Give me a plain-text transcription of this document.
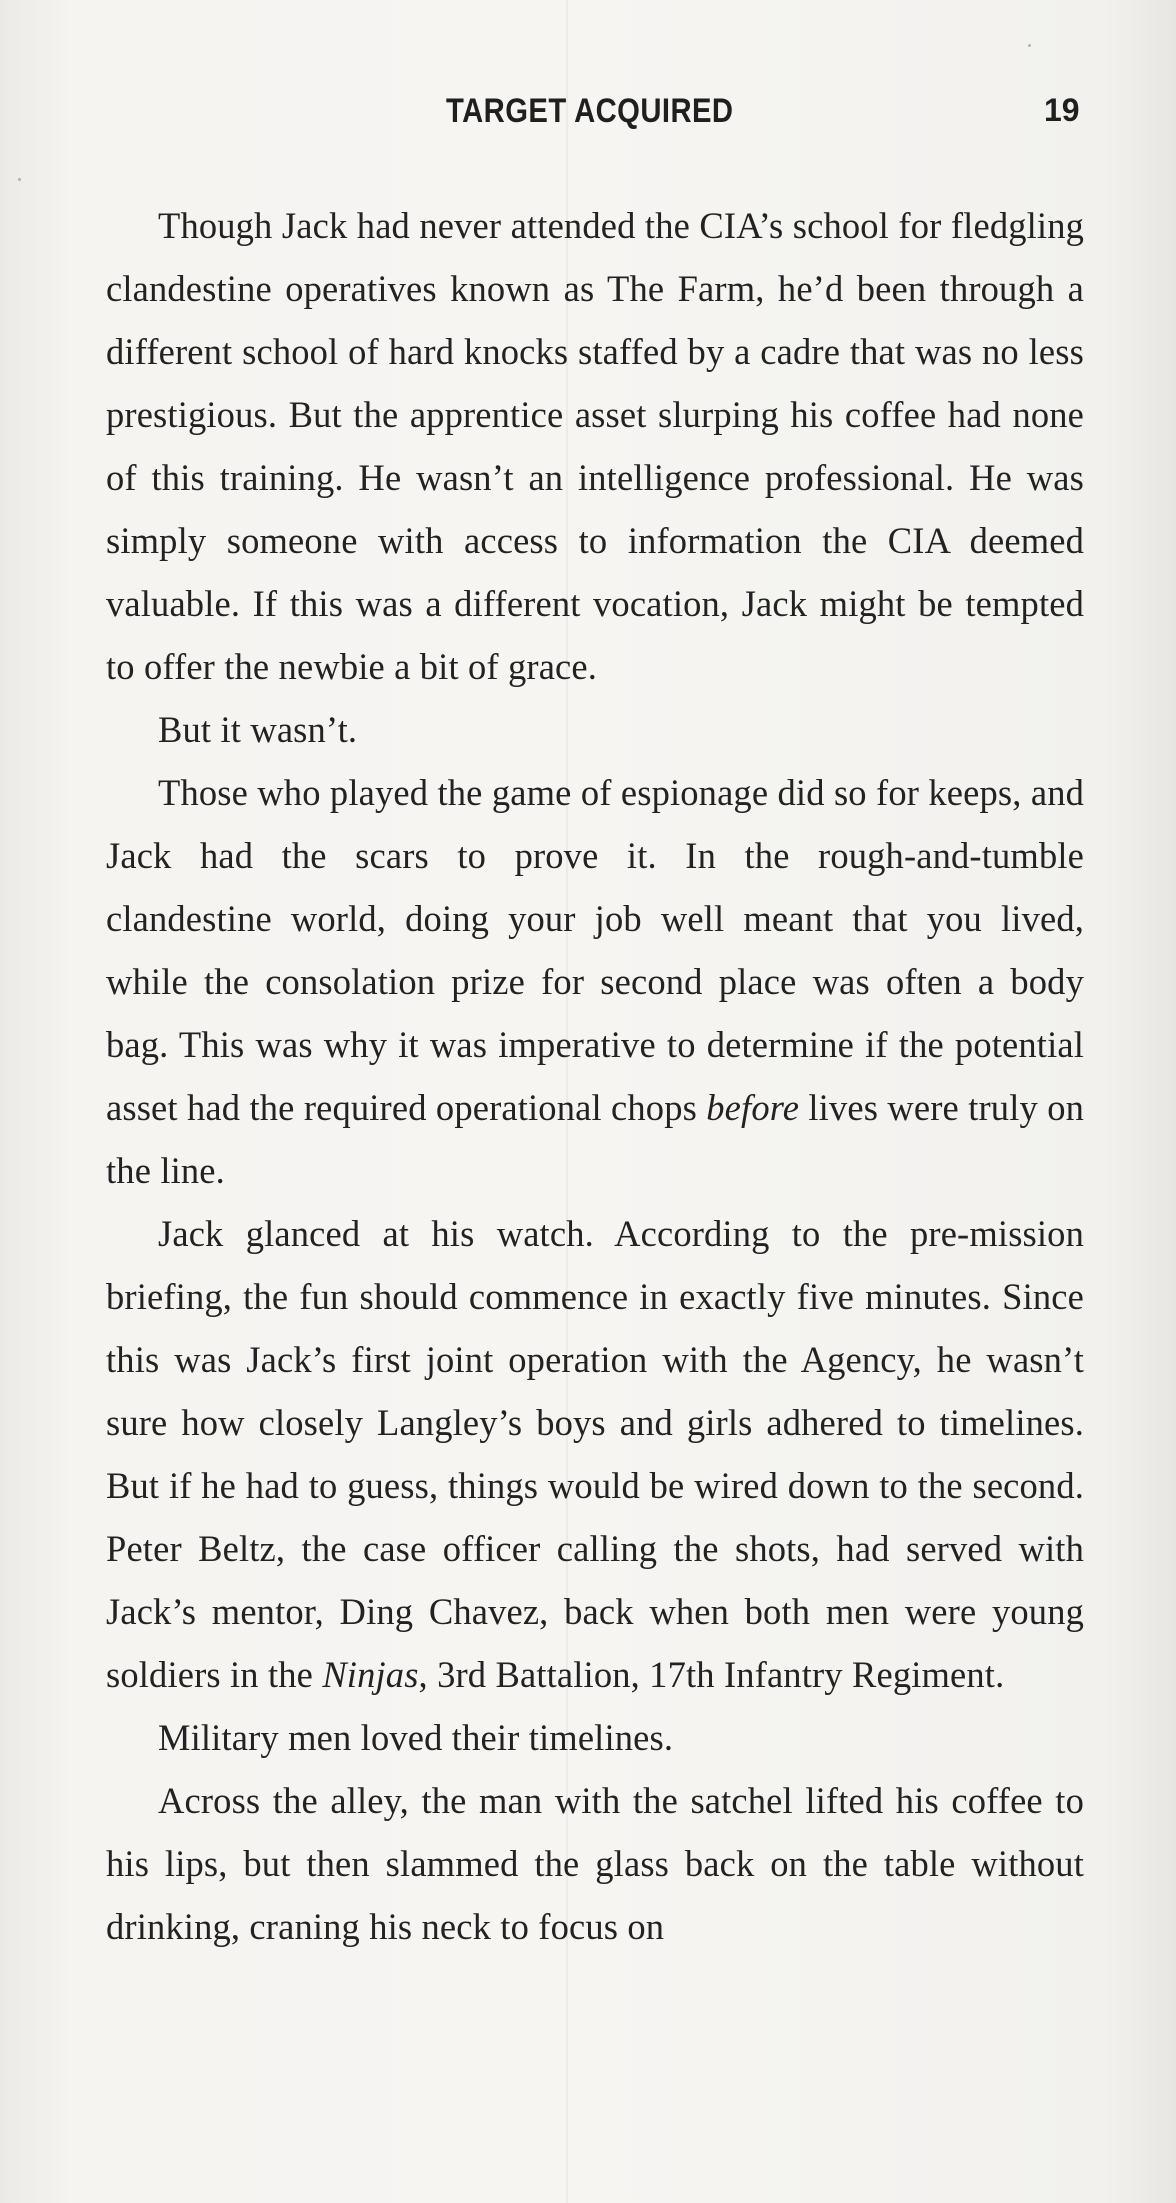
TARGET ACQUIRED	19

Though Jack had never attended the CIA’s school for fledgling clandestine operatives known as The Farm, he’d been through a different school of hard knocks staffed by a cadre that was no less prestigious. But the apprentice asset slurping his coffee had none of this training. He wasn’t an intelligence professional. He was simply someone with access to information the CIA deemed valuable. If this was a different vocation, Jack might be tempted to offer the newbie a bit of grace.

But it wasn’t.

Those who played the game of espionage did so for keeps, and Jack had the scars to prove it. In the rough-and-tumble clandestine world, doing your job well meant that you lived, while the consolation prize for second place was often a body bag. This was why it was imperative to determine if the potential asset had the required operational chops before lives were truly on the line.

Jack glanced at his watch. According to the pre-mission briefing, the fun should commence in exactly five minutes. Since this was Jack’s first joint operation with the Agency, he wasn’t sure how closely Langley’s boys and girls adhered to timelines. But if he had to guess, things would be wired down to the second. Peter Beltz, the case officer calling the shots, had served with Jack’s mentor, Ding Chavez, back when both men were young soldiers in the Ninjas, 3rd Battalion, 17th Infantry Regiment.

Military men loved their timelines.

Across the alley, the man with the satchel lifted his coffee to his lips, but then slammed the glass back on the table without drinking, craning his neck to focus on
